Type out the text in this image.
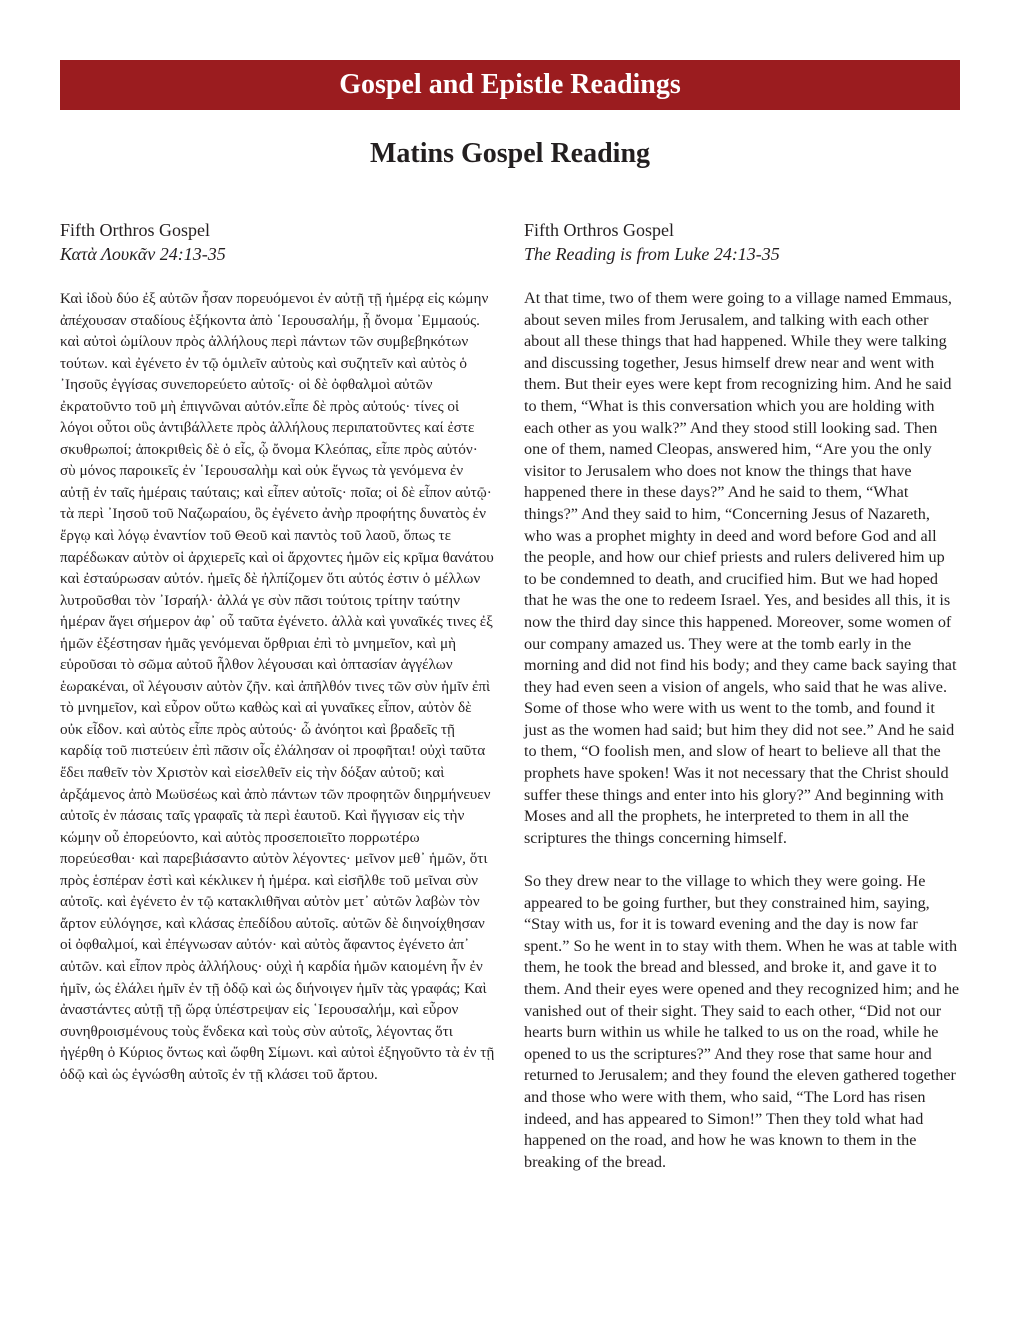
Gospel and Epistle Readings
Matins Gospel Reading
Fifth Orthros Gospel
Κατὰ Λουκᾶν 24:13-35

Καὶ ἰδοὺ δύο ἐξ αὐτῶν ἦσαν πορευόμενοι ἐν αὐτῇ τῇ ἡμέρᾳ εἰς κώμην ἀπέχουσαν σταδίους ἑξήκοντα ἀπὸ ῾Ιερουσαλήμ, ᾗ ὄνομα ᾿Εμμαούς. καὶ αὐτοὶ ὡμίλουν πρὸς ἀλλήλους περὶ πάντων τῶν συμβεβηκότων τούτων. καὶ ἐγένετο ἐν τῷ ὁμιλεῖν αὐτοὺς καὶ συζητεῖν καὶ αὐτὸς ὁ ᾿Ιησοῦς ἐγγίσας συνεπορεύετο αὐτοῖς· οἱ δὲ ὀφθαλμοὶ αὐτῶν ἐκρατοῦντο τοῦ μὴ ἐπιγνῶναι αὐτόν.εἶπε δὲ πρὸς αὐτούς· τίνες οἱ λόγοι οὗτοι οὓς ἀντιβάλλετε πρὸς ἀλλήλους περιπατοῦντες καί ἐστε σκυθρωποί; ἀποκριθεὶς δὲ ὁ εἷς, ᾧ ὄνομα Κλεόπας, εἶπε πρὸς αὐτόν· σὺ μόνος παροικεῖς ἐν ῾Ιερουσαλὴμ καὶ οὐκ ἔγνως τὰ γενόμενα ἐν αὐτῇ ἐν ταῖς ἡμέραις ταύταις; καὶ εἶπεν αὐτοῖς· ποῖα; οἱ δὲ εἶπον αὐτῷ· τὰ περὶ ᾿Ιησοῦ τοῦ Ναζωραίου, ὃς ἐγένετο ἀνὴρ προφήτης δυνατὸς ἐν ἔργῳ καὶ λόγῳ ἐναντίον τοῦ Θεοῦ καὶ παντὸς τοῦ λαοῦ, ὅπως τε παρέδωκαν αὐτὸν οἱ ἀρχιερεῖς καὶ οἱ ἄρχοντες ἡμῶν εἰς κρῖμα θανάτου καὶ ἐσταύρωσαν αὐτόν. ἡμεῖς δὲ ἠλπίζομεν ὅτι αὐτός ἐστιν ὁ μέλλων λυτροῦσθαι τὸν ᾿Ισραήλ· ἀλλά γε σὺν πᾶσι τούτοις τρίτην ταύτην ἡμέραν ἄγει σήμερον ἀφ᾿ οὗ ταῦτα ἐγένετο. ἀλλὰ καὶ γυναῖκές τινες ἐξ ἡμῶν ἐξέστησαν ἡμᾶς γενόμεναι ὄρθριαι ἐπὶ τὸ μνημεῖον, καὶ μὴ εὑροῦσαι τὸ σῶμα αὐτοῦ ἦλθον λέγουσαι καὶ ὀπτασίαν ἀγγέλων ἑωρακέναι, οἳ λέγουσιν αὐτὸν ζῆν. καὶ ἀπῆλθόν τινες τῶν σὺν ἡμῖν ἐπὶ τὸ μνημεῖον, καὶ εὗρον οὕτω καθὼς καὶ αἱ γυναῖκες εἶπον, αὐτὸν δὲ οὐκ εἶδον. καὶ αὐτὸς εἶπε πρὸς αὐτούς· ὦ ἀνόητοι καὶ βραδεῖς τῇ καρδίᾳ τοῦ πιστεύειν ἐπὶ πᾶσιν οἷς ἐλάλησαν οἱ προφῆται! οὐχὶ ταῦτα ἔδει παθεῖν τὸν Χριστὸν καὶ εἰσελθεῖν εἰς τὴν δόξαν αὐτοῦ; καὶ ἀρξάμενος ἀπὸ Μωϋσέως καὶ ἀπὸ πάντων τῶν προφητῶν διηρμήνευεν αὐτοῖς ἐν πάσαις ταῖς γραφαῖς τὰ περὶ ἑαυτοῦ. Καὶ ἤγγισαν εἰς τὴν κώμην οὗ ἐπορεύοντο, καὶ αὐτὸς προσεποιεῖτο πορρωτέρω πορεύεσθαι· καὶ παρεβιάσαντο αὐτὸν λέγοντες· μεῖνον μεθ᾿ ἡμῶν, ὅτι πρὸς ἑσπέραν ἐστὶ καὶ κέκλικεν ἡ ἡμέρα. καὶ εἰσῆλθε τοῦ μεῖναι σὺν αὐτοῖς. καὶ ἐγένετο ἐν τῷ κατακλιθῆναι αὐτὸν μετ᾿ αὐτῶν λαβὼν τὸν ἄρτον εὐλόγησε, καὶ κλάσας ἐπεδίδου αὐτοῖς. αὐτῶν δὲ διηνοίχθησαν οἱ ὀφθαλμοί, καὶ ἐπέγνωσαν αὐτόν· καὶ αὐτὸς ἄφαντος ἐγένετο ἀπ᾿ αὐτῶν. καὶ εἶπον πρὸς ἀλλήλους· οὐχὶ ἡ καρδία ἡμῶν καιομένη ἦν ἐν ἡμῖν, ὡς ἐλάλει ἡμῖν ἐν τῇ ὁδῷ καὶ ὡς διήνοιγεν ἡμῖν τὰς γραφάς; Καὶ ἀναστάντες αὐτῇ τῇ ὥρᾳ ὑπέστρεψαν εἰς ῾Ιερουσαλήμ, καὶ εὗρον συνηθροισμένους τοὺς ἕνδεκα καὶ τοὺς σὺν αὐτοῖς, λέγοντας ὅτι ἠγέρθη ὁ Κύριος ὄντως καὶ ὤφθη Σίμωνι. καὶ αὐτοὶ ἐξηγοῦντο τὰ ἐν τῇ ὁδῷ καὶ ὡς ἐγνώσθη αὐτοῖς ἐν τῇ κλάσει τοῦ ἄρτου.

Fifth Orthros Gospel
The Reading is from Luke 24:13-35

At that time, two of them were going to a village named Emmaus, about seven miles from Jerusalem, and talking with each other about all these things that had happened. While they were talking and discussing together, Jesus himself drew near and went with them. But their eyes were kept from recognizing him. And he said to them, “What is this conversation which you are holding with each other as you walk?” And they stood still looking sad. Then one of them, named Cleopas, answered him, “Are you the only visitor to Jerusalem who does not know the things that have happened there in these days?” And he said to them, “What things?” And they said to him, “Concerning Jesus of Nazareth, who was a prophet mighty in deed and word before God and all the people, and how our chief priests and rulers delivered him up to be condemned to death, and crucified him. But we had hoped that he was the one to redeem Israel. Yes, and besides all this, it is now the third day since this happened. Moreover, some women of our company amazed us. They were at the tomb early in the morning and did not find his body; and they came back saying that they had even seen a vision of angels, who said that he was alive. Some of those who were with us went to the tomb, and found it just as the women had said; but him they did not see.” And he said to them, “O foolish men, and slow of heart to believe all that the prophets have spoken! Was it not necessary that the Christ should suffer these things and enter into his glory?” And beginning with Moses and all the prophets, he interpreted to them in all the scriptures the things concerning himself.

So they drew near to the village to which they were going. He appeared to be going further, but they constrained him, saying, “Stay with us, for it is toward evening and the day is now far spent.” So he went in to stay with them. When he was at table with them, he took the bread and blessed, and broke it, and gave it to them. And their eyes were opened and they recognized him; and he vanished out of their sight. They said to each other, “Did not our hearts burn within us while he talked to us on the road, while he opened to us the scriptures?” And they rose that same hour and returned to Jerusalem; and they found the eleven gathered together and those who were with them, who said, “The Lord has risen indeed, and has appeared to Simon!” Then they told what had happened on the road, and how he was known to them in the breaking of the bread.
